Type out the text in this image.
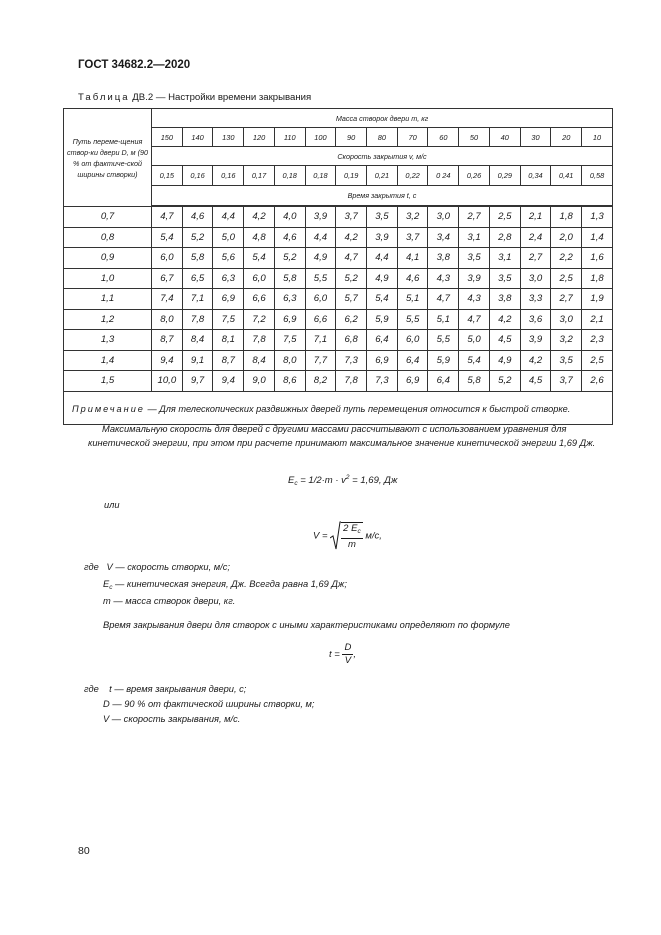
ГОСТ 34682.2—2020
Таблица ДВ.2 — Настройки времени закрывания
Путь переме-щения створ-ки двери D, м (90 % от фактиче-ской ширины створки)	Масса створок двери m, кг														
	150	140	130	120	110	100	90	80	70	60	50	40	30	20	10
	Скорость закрытия v, м/с														
	0,15	0,16	0,16	0,17	0,18	0,18	0,19	0,21	0,22	0 24	0,26	0,29	0,34	0,41	0,58
	Время закрытия t, с														

0,7	4,7	4,6	4,4	4,2	4,0	3,9	3,7	3,5	3,2	3,0	2,7	2,5	2,1	1,8	1,3
0,8	5,4	5,2	5,0	4,8	4,6	4,4	4,2	3,9	3,7	3,4	3,1	2,8	2,4	2,0	1,4
0,9	6,0	5,8	5,6	5,4	5,2	4,9	4,7	4,4	4,1	3,8	3,5	3,1	2,7	2,2	1,6
1,0	6,7	6,5	6,3	6,0	5,8	5,5	5,2	4,9	4,6	4,3	3,9	3,5	3,0	2,5	1,8
1,1	7,4	7,1	6,9	6,6	6,3	6,0	5,7	5,4	5,1	4,7	4,3	3,8	3,3	2,7	1,9
1,2	8,0	7,8	7,5	7,2	6,9	6,6	6,2	5,9	5,5	5,1	4,7	4,2	3,6	3,0	2,1
1,3	8,7	8,4	8,1	7,8	7,5	7,1	6,8	6,4	6,0	5,5	5,0	4,5	3,9	3,2	2,3
1,4	9,4	9,1	8,7	8,4	8,0	7,7	7,3	6,9	6,4	5,9	5,4	4,9	4,2	3,5	2,5
1,5	10,0	9,7	9,4	9,0	8,6	8,2	7,8	7,3	6,9	6,4	5,8	5,2	4,5	3,7	2,6
Примечание — Для телескопических раздвижных дверей путь перемещения относится к быстрой створке.															
Максимальную скорость для дверей с другими массами рассчитывают с использованием уравнения для кинетической энергии, при этом при расчете принимают максимальное значение кинетической энергии 1,69 Дж.
$E_c = 1/2\cdot m \cdot v^2 = 1,69$, Дж
или
$V = \frac{2 E_c}{m} м/с$,
где V — скорость створки, м/с;
$E_c$ — кинетическая энергия, Дж. Всегда равна 1,69 Дж;
m — масса створок двери, кг.
Время закрывания двери для створок с иными характеристиками определяют по формуле
$t = \frac{D}{V}$ ,
где t — время закрывания двери, с;
D — 90 % от фактической ширины створки, м;
V — скорость закрывания, м/с.
80
